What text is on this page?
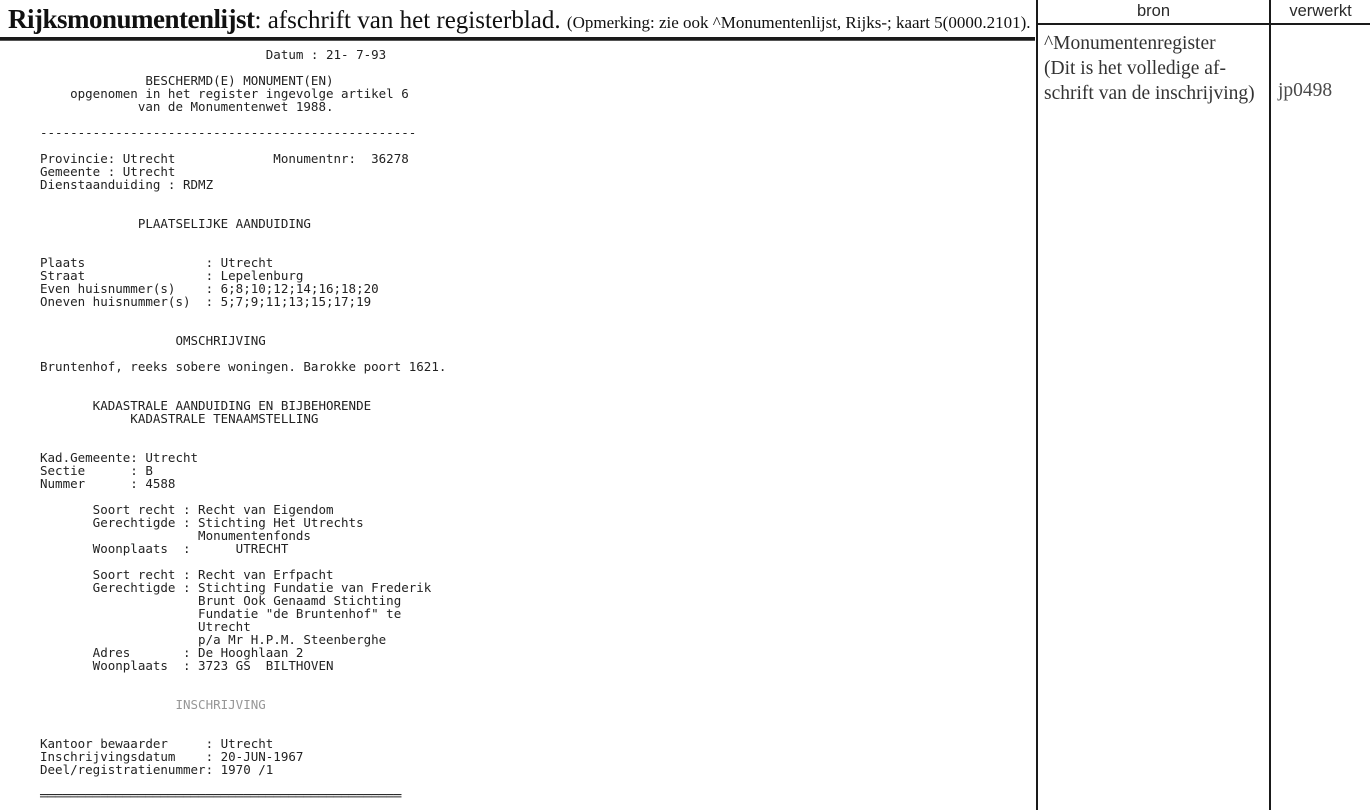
Rijksmonumentenlijst: afschrift van het registerblad. (Opmerking: zie ook ^Monumentenlijst, Rijks-; kaart 5(0000.2101).
Datum : 21- 7-93

BESCHERMD(E) MONUMENT(EN)
opgenomen in het register ingevolge artikel 6
van de Monumentenwet 1988.

--------------------------------------------------

Provincie: Utrecht             Monumentnr:  36278
Gemeente : Utrecht
Dienstaanduiding : RDMZ

PLAATSELIJKE AANDUIDING

Plaats                : Utrecht
Straat                : Lepelenburg
Even huisnummer(s)    : 6;8;10;12;14;16;18;20
Oneven huisnummer(s)  : 5;7;9;11;13;15;17;19

OMSCHRIJVING

Bruntenhof, reeks sobere woningen. Barokke poort 1621.

KADASTRALE AANDUIDING EN BIJBEHORENDE
KADASTRALE TENAAMSTELLING

Kad.Gemeente: Utrecht
Sectie      : B
Nummer      : 4588

Soort recht : Recht van Eigendom
Gerechtigde : Stichting Het Utrechts
Monumentenfonds
Woonplaats  :      UTRECHT

Soort recht : Recht van Erfpacht
Gerechtigde : Stichting Fundatie van Frederik
Brunt Ook Genaamd Stichting
Fundatie "de Bruntenhof" te
Utrecht
p/a Mr H.P.M. Steenberghe
Adres       : De Hooghlaan 2
Woonplaats  : 3723 GS  BILTHOVEN

INSCHRIJVING

Kantoor bewaarder     : Utrecht
Inschrijvingsdatum    : 20-JUN-1967
Deel/registratienummer: 1970 /1

════════════════════════════════════════════════
bron	verwerkt
^Monumentenregister
(Dit is het volledige af-
schrift van de inschrijving)	jp0498
